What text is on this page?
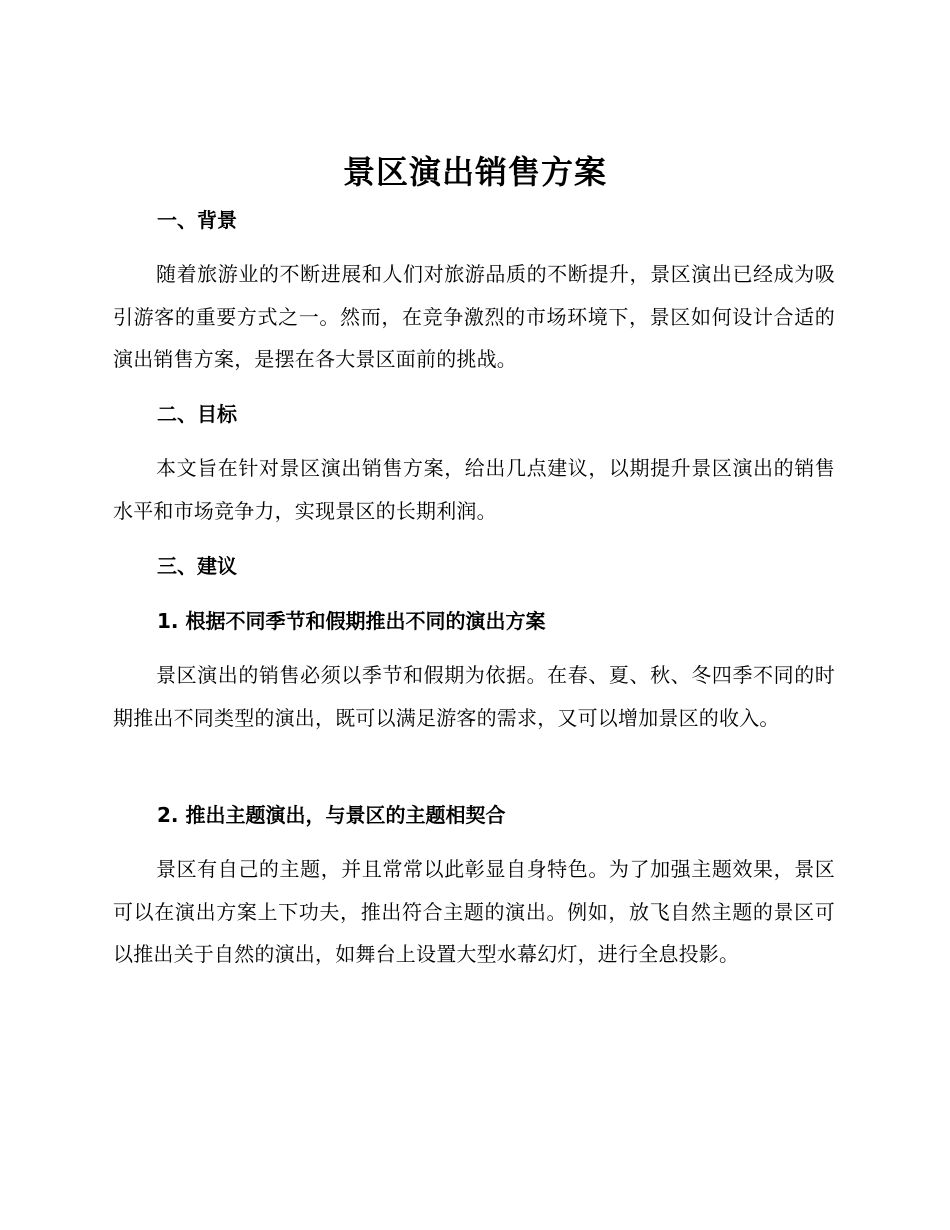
景区演出销售方案
一、背景

随着旅游业的不断进展和人们对旅游品质的不断提升，景区演出已经成为吸引游客的重要方式之一。然而，在竞争激烈的市场环境下，景区如何设计合适的演出销售方案，是摆在各大景区面前的挑战。

二、目标

本文旨在针对景区演出销售方案，给出几点建议，以期提升景区演出的销售水平和市场竞争力，实现景区的长期利润。

三、建议
1. 根据不同季节和假期推出不同的演出方案

景区演出的销售必须以季节和假期为依据。在春、夏、秋、冬四季不同的时期推出不同类型的演出，既可以满足游客的需求，又可以增加景区的收入。

2. 推出主题演出，与景区的主题相契合

景区有自己的主题，并且常常以此彰显自身特色。为了加强主题效果，景区可以在演出方案上下功夫，推出符合主题的演出。例如，放飞自然主题的景区可以推出关于自然的演出，如舞台上设置大型水幕幻灯，进行全息投影。
